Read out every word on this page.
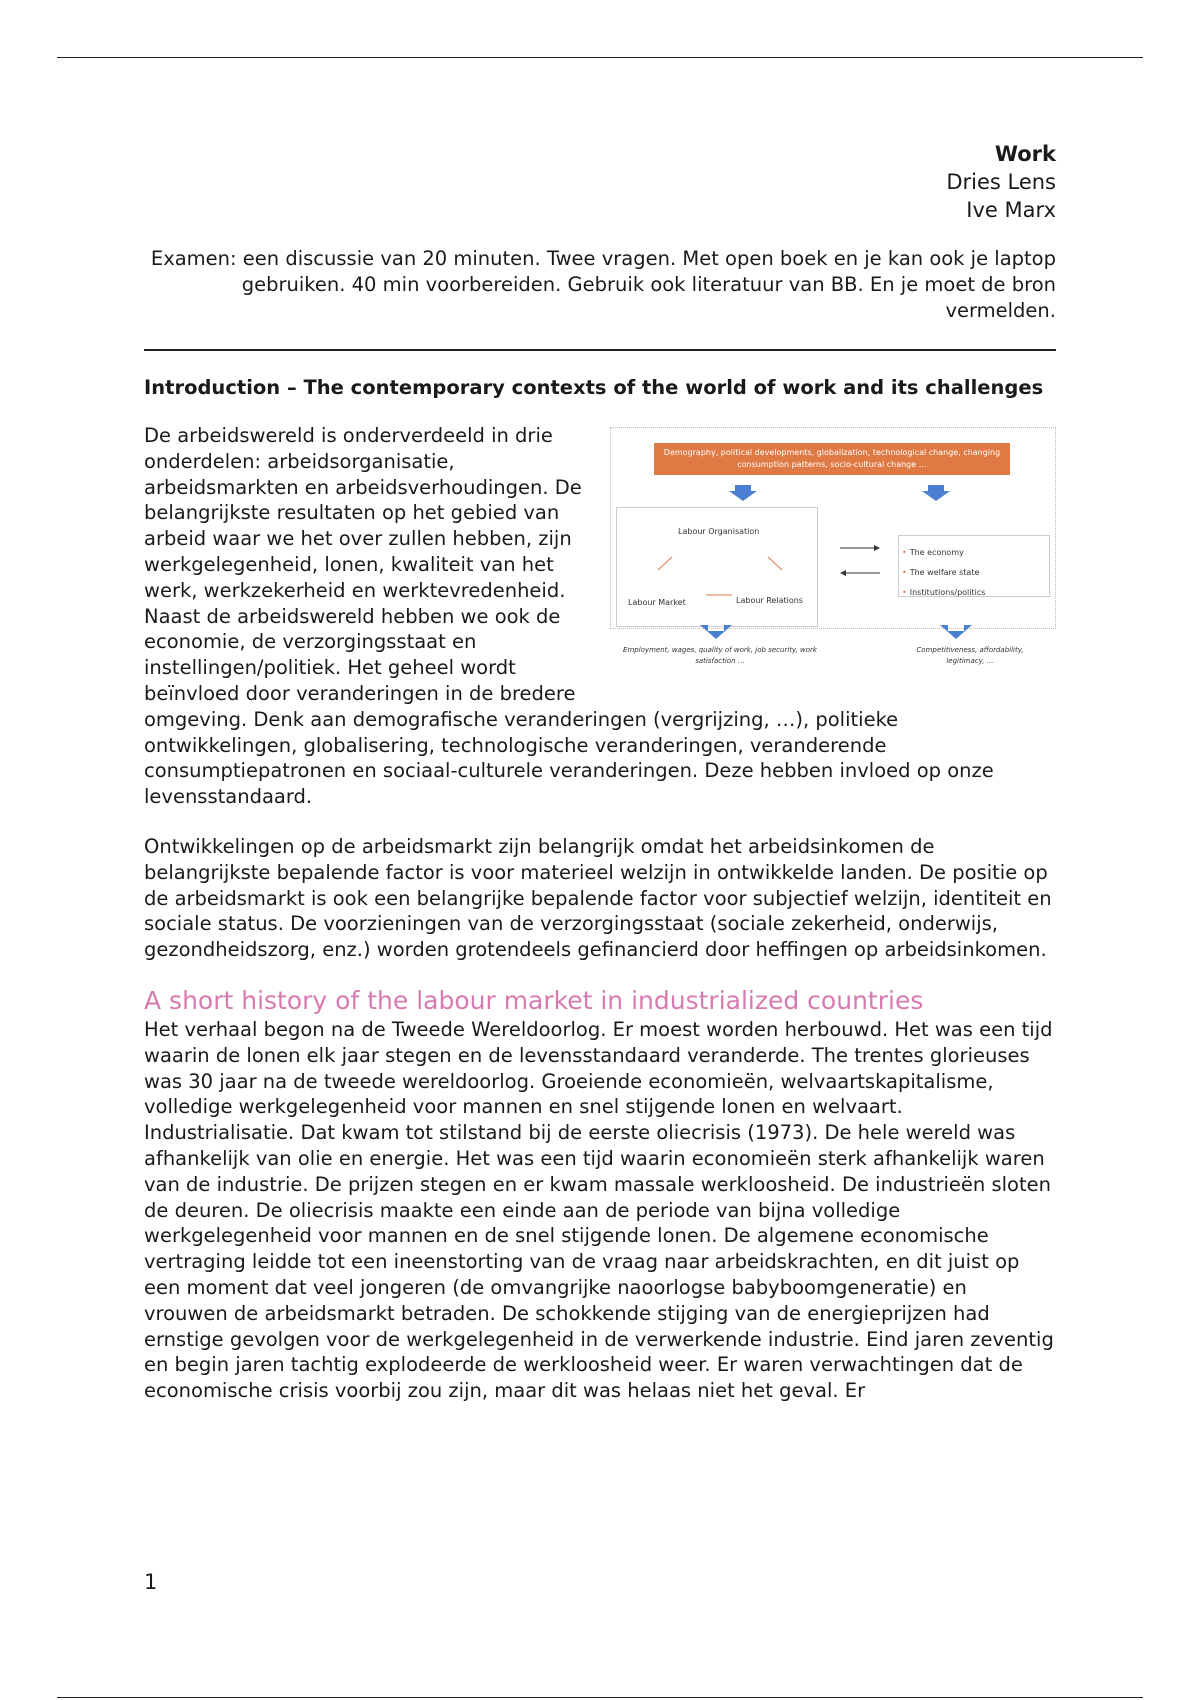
Work
Dries Lens
Ive Marx
Examen: een discussie van 20 minuten. Twee vragen. Met open boek en je kan ook je laptop gebruiken. 40 min voorbereiden. Gebruik ook literatuur van BB. En je moet de bron vermelden.
Introduction – The contemporary contexts of the world of work and its challenges
Demography, political developments, globalization, technological change, changing consumption patterns, socio-cultural change …
Labour Organisation
Labour Market	Labour Relations
• The economy
• The welfare state
• Institutions/politics
Employment, wages, quality of work, job security, work satisfaction …
Competitiveness, affordability, legitimacy, …
De arbeidswereld is onderverdeeld in drie onderdelen: arbeidsorganisatie, arbeidsmarkten en arbeidsverhoudingen. De belangrijkste resultaten op het gebied van arbeid waar we het over zullen hebben, zijn werkgelegenheid, lonen, kwaliteit van het werk, werkzekerheid en werktevredenheid. Naast de arbeidswereld hebben we ook de economie, de verzorgingsstaat en instellingen/politiek. Het geheel wordt beïnvloed door veranderingen in de bredere omgeving. Denk aan demografische veranderingen (vergrijzing, …), politieke ontwikkelingen, globalisering, technologische veranderingen, veranderende consumptiepatronen en sociaal-culturele veranderingen. Deze hebben invloed op onze levensstandaard.
Ontwikkelingen op de arbeidsmarkt zijn belangrijk omdat het arbeidsinkomen de belangrijkste bepalende factor is voor materieel welzijn in ontwikkelde landen. De positie op de arbeidsmarkt is ook een belangrijke bepalende factor voor subjectief welzijn, identiteit en sociale status. De voorzieningen van de verzorgingsstaat (sociale zekerheid, onderwijs, gezondheidszorg, enz.) worden grotendeels gefinancierd door heffingen op arbeidsinkomen.
A short history of the labour market in industrialized countries
Het verhaal begon na de Tweede Wereldoorlog. Er moest worden herbouwd. Het was een tijd waarin de lonen elk jaar stegen en de levensstandaard veranderde. The trentes glorieuses was 30 jaar na de tweede wereldoorlog. Groeiende economieën, welvaartskapitalisme, volledige werkgelegenheid voor mannen en snel stijgende lonen en welvaart. Industrialisatie. Dat kwam tot stilstand bij de eerste oliecrisis (1973). De hele wereld was afhankelijk van olie en energie. Het was een tijd waarin economieën sterk afhankelijk waren van de industrie. De prijzen stegen en er kwam massale werkloosheid. De industrieën sloten de deuren. De oliecrisis maakte een einde aan de periode van bijna volledige werkgelegenheid voor mannen en de snel stijgende lonen. De algemene economische vertraging leidde tot een ineenstorting van de vraag naar arbeidskrachten, en dit juist op een moment dat veel jongeren (de omvangrijke naoorlogse babyboomgeneratie) en vrouwen de arbeidsmarkt betraden. De schokkende stijging van de energieprijzen had ernstige gevolgen voor de werkgelegenheid in de verwerkende industrie. Eind jaren zeventig en begin jaren tachtig explodeerde de werkloosheid weer. Er waren verwachtingen dat de economische crisis voorbij zou zijn, maar dit was helaas niet het geval. Er
1
